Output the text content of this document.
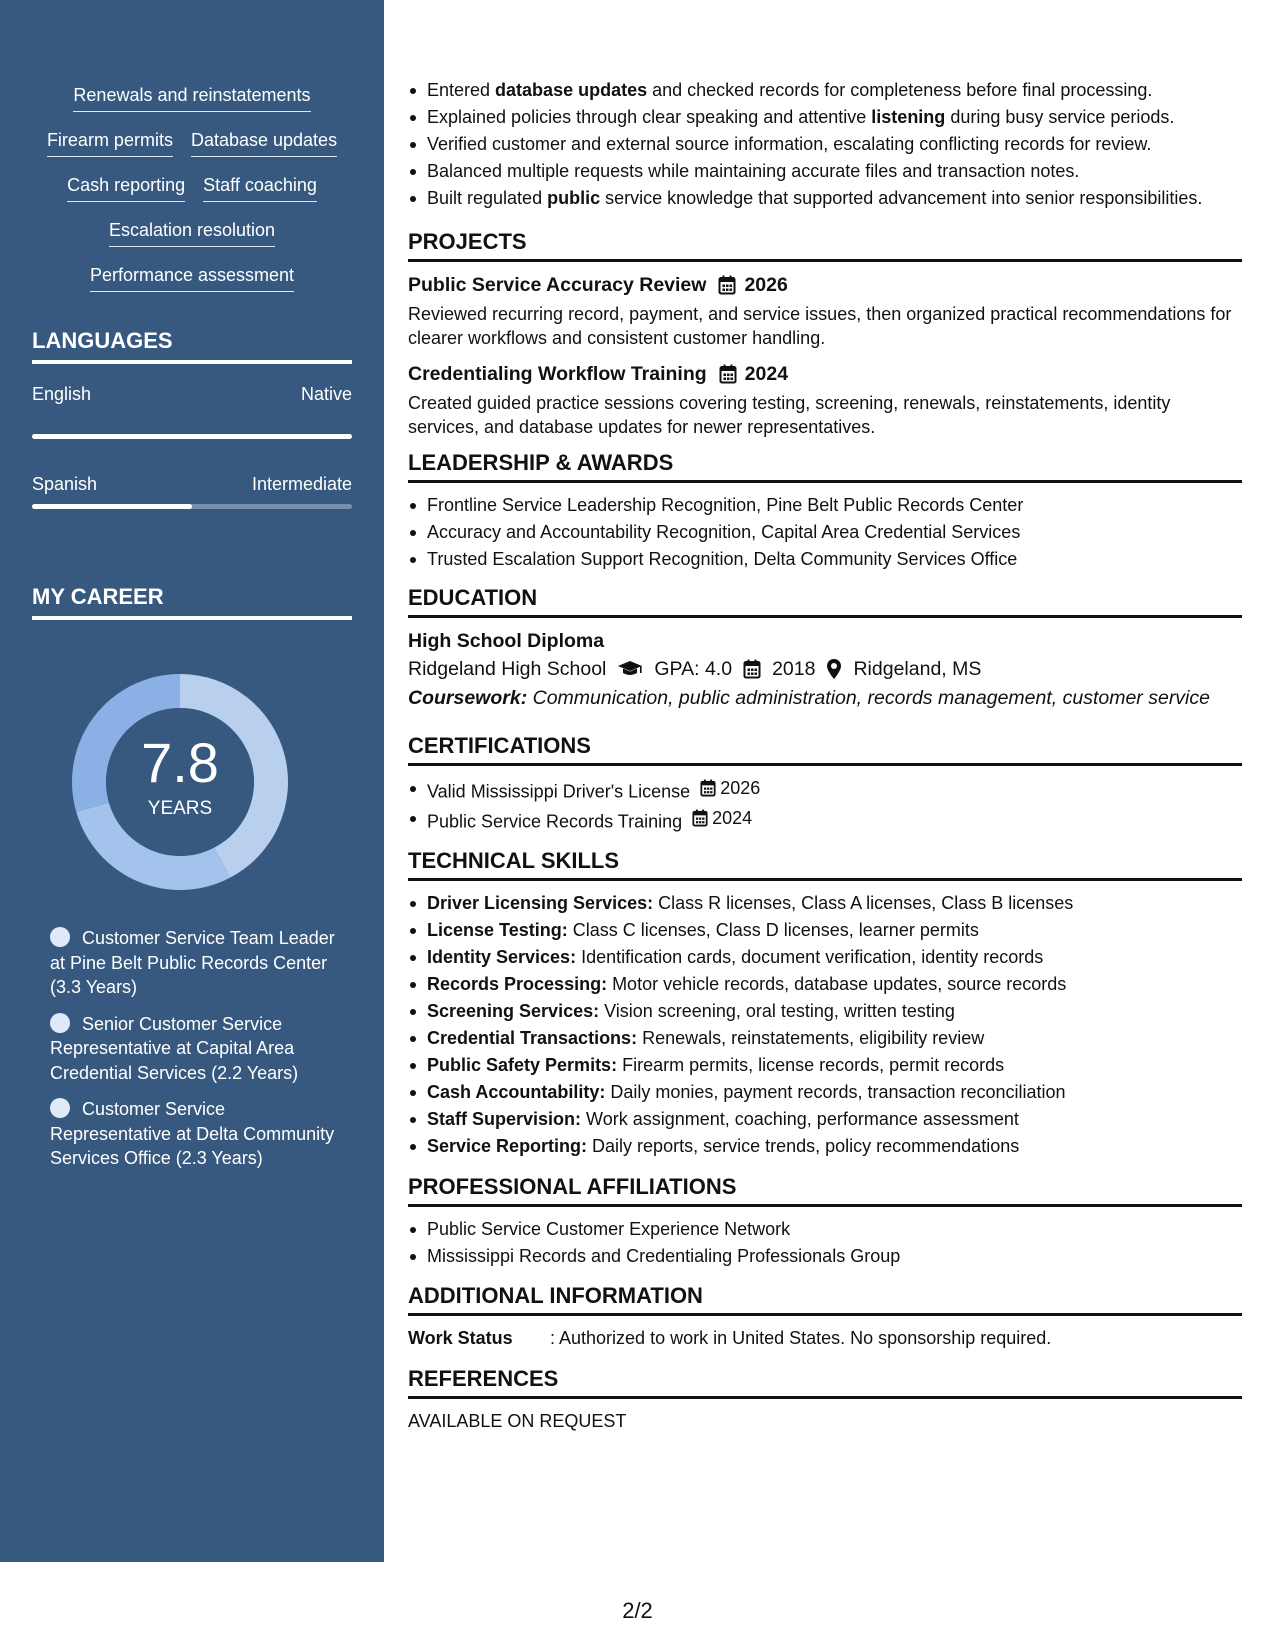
Renewals and reinstatements
Firearm permits Database updates
Cash reporting Staff coaching
Escalation resolution
Performance assessment
LANGUAGES
English	Native
Spanish	Intermediate
MY CAREER
7.8
YEARS
Customer Service Team Leader at Pine Belt Public Records Center (3.3 Years)
Senior Customer Service Representative at Capital Area Credential Services (2.2 Years)
Customer Service Representative at Delta Community Services Office (2.3 Years)
Entered database updates and checked records for completeness before final processing.
Explained policies through clear speaking and attentive listening during busy service periods.
Verified customer and external source information, escalating conflicting records for review.
Balanced multiple requests while maintaining accurate files and transaction notes.
Built regulated public service knowledge that supported advancement into senior responsibilities.
PROJECTS
Public Service Accuracy Review 2026
Reviewed recurring record, payment, and service issues, then organized practical recommendations for clearer workflows and consistent customer handling.
Credentialing Workflow Training 2024
Created guided practice sessions covering testing, screening, renewals, reinstatements, identity services, and database updates for newer representatives.
LEADERSHIP & AWARDS
Frontline Service Leadership Recognition, Pine Belt Public Records Center
Accuracy and Accountability Recognition, Capital Area Credential Services
Trusted Escalation Support Recognition, Delta Community Services Office
EDUCATION
High School Diploma
Ridgeland High School GPA: 4.0 2018 Ridgeland, MS
Coursework: Communication, public administration, records management, customer service
CERTIFICATIONS
Valid Mississippi Driver's License 2026
Public Service Records Training 2024
TECHNICAL SKILLS
Driver Licensing Services: Class R licenses, Class A licenses, Class B licenses
License Testing: Class C licenses, Class D licenses, learner permits
Identity Services: Identification cards, document verification, identity records
Records Processing: Motor vehicle records, database updates, source records
Screening Services: Vision screening, oral testing, written testing
Credential Transactions: Renewals, reinstatements, eligibility review
Public Safety Permits: Firearm permits, license records, permit records
Cash Accountability: Daily monies, payment records, transaction reconciliation
Staff Supervision: Work assignment, coaching, performance assessment
Service Reporting: Daily reports, service trends, policy recommendations
PROFESSIONAL AFFILIATIONS
Public Service Customer Experience Network
Mississippi Records and Credentialing Professionals Group
ADDITIONAL INFORMATION
Work Status	: Authorized to work in United States. No sponsorship required.
REFERENCES
AVAILABLE ON REQUEST
2/2
